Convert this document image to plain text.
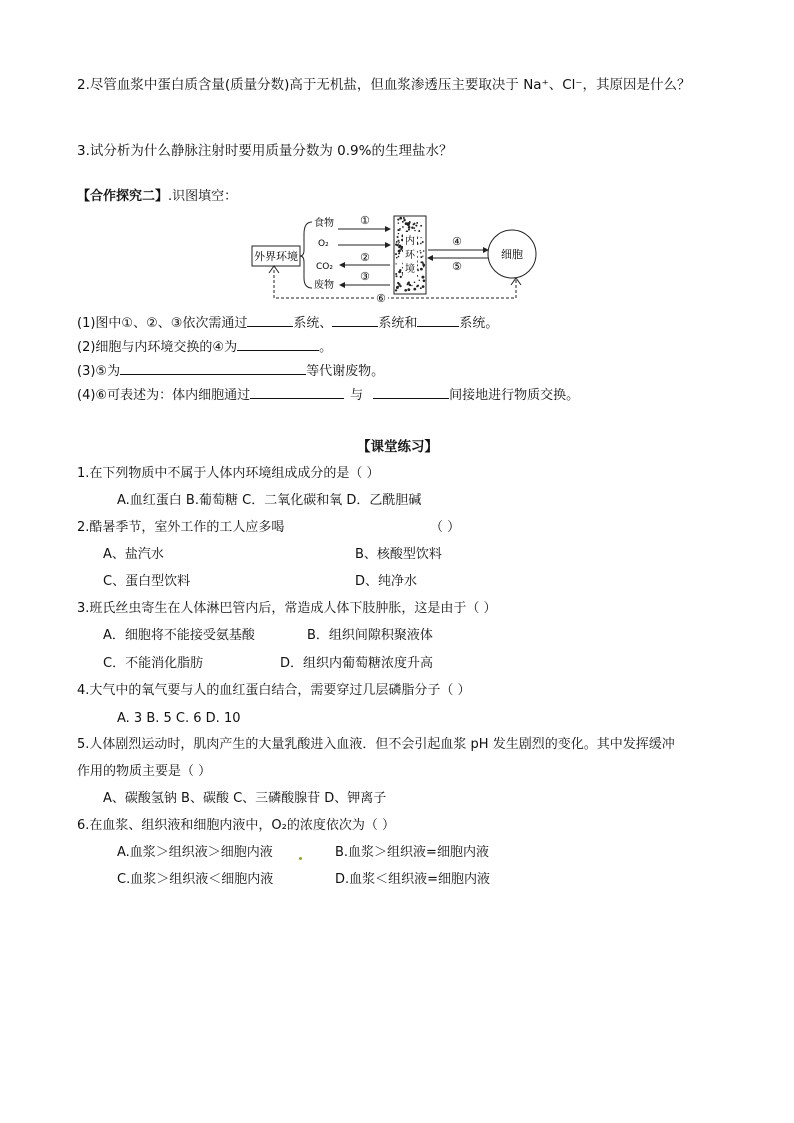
2.尽管血浆中蛋白质含量(质量分数)高于无机盐，但血浆渗透压主要取决于 Na⁺、Cl⁻，其原因是什么？
3.试分析为什么静脉注射时要用质量分数为 0.9%的生理盐水？
【合作探究二】.识图填空：
外界环境
食物
O₂
CO₂
废物
①
②
③
内
环
境
④
⑤
细胞
⑥
(1)图中①、②、③依次需通过	系统、	系统和	系统。
(2)细胞与内环境交换的④为	。
(3)⑤为	等代谢废物。
(4)⑥可表述为：体内细胞通过	与	间接地进行物质交换。
【课堂练习】
1.在下列物质中不属于人体内环境组成成分的是（ ）
A.血红蛋白 B.葡萄糖 C．二氧化碳和氧 D．乙酰胆碱
2.酷暑季节，室外工作的工人应多喝	（ ）
A、盐汽水	B、核酸型饮料
C、蛋白型饮料	D、纯净水
3.班氏丝虫寄生在人体淋巴管内后，常造成人体下肢肿胀，这是由于（ ）
A．细胞将不能接受氨基酸	B．组织间隙积聚液体
C．不能消化脂肪	D．组织内葡萄糖浓度升高
4.大气中的氧气要与人的血红蛋白结合，需要穿过几层磷脂分子（ ）
A. 3 B. 5 C. 6 D. 10
5.人体剧烈运动时，肌肉产生的大量乳酸进入血液．但不会引起血浆 pH 发生剧烈的变化。其中发挥缓冲
作用的物质主要是（ ）
A、碳酸氢钠 B、碳酸 C、三磷酸腺苷 D、钾离子
6.在血浆、组织液和细胞内液中，O₂的浓度依次为（ ）
A.血浆＞组织液＞细胞内液	B.血浆＞组织液=细胞内液
C.血浆＞组织液＜细胞内液	D.血浆＜组织液=细胞内液
